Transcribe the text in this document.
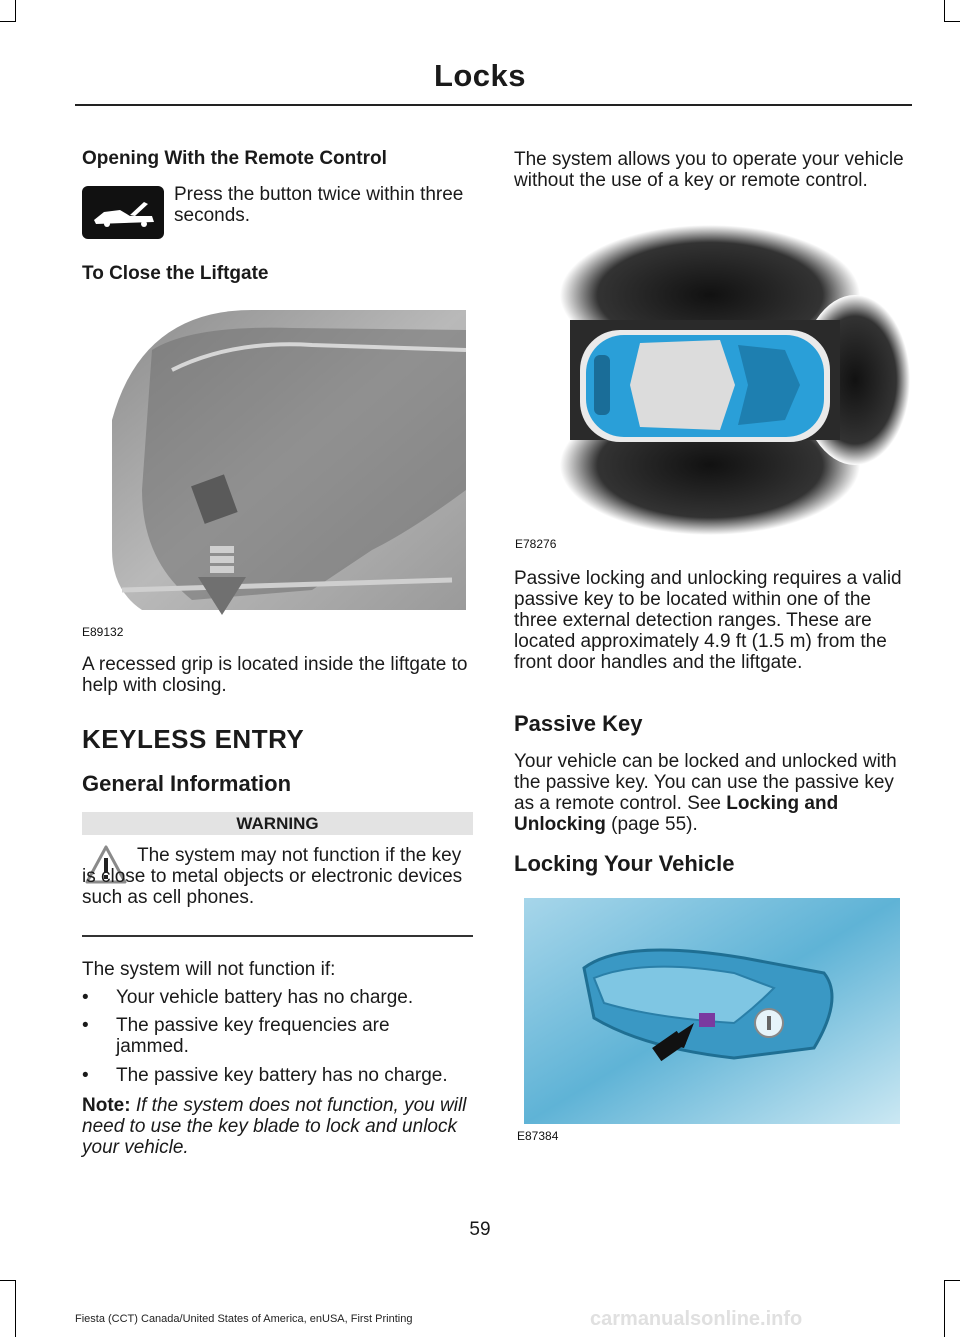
Locks
Opening With the Remote Control
Press the button twice within three seconds.
To Close the Liftgate
E89132
A recessed grip is located inside the liftgate to help with closing.
KEYLESS ENTRY
General Information
WARNING
The system may not function if the key is close to metal objects or electronic devices such as cell phones.
The system will not function if:
• Your vehicle battery has no charge.
• The passive key frequencies are jammed.
• The passive key battery has no charge.
Note: If the system does not function, you will need to use the key blade to lock and unlock your vehicle.
The system allows you to operate your vehicle without the use of a key or remote control.
E78276
Passive locking and unlocking requires a valid passive key to be located within one of the three external detection ranges. These are located approximately 4.9 ft (1.5 m) from the front door handles and the liftgate.
Passive Key
Your vehicle can be locked and unlocked with the passive key. You can use the passive key as a remote control. See Locking and Unlocking (page 55).
Locking Your Vehicle
E87384
59
Fiesta (CCT) Canada/United States of America, enUSA, First Printing	carmanualsonline.info
